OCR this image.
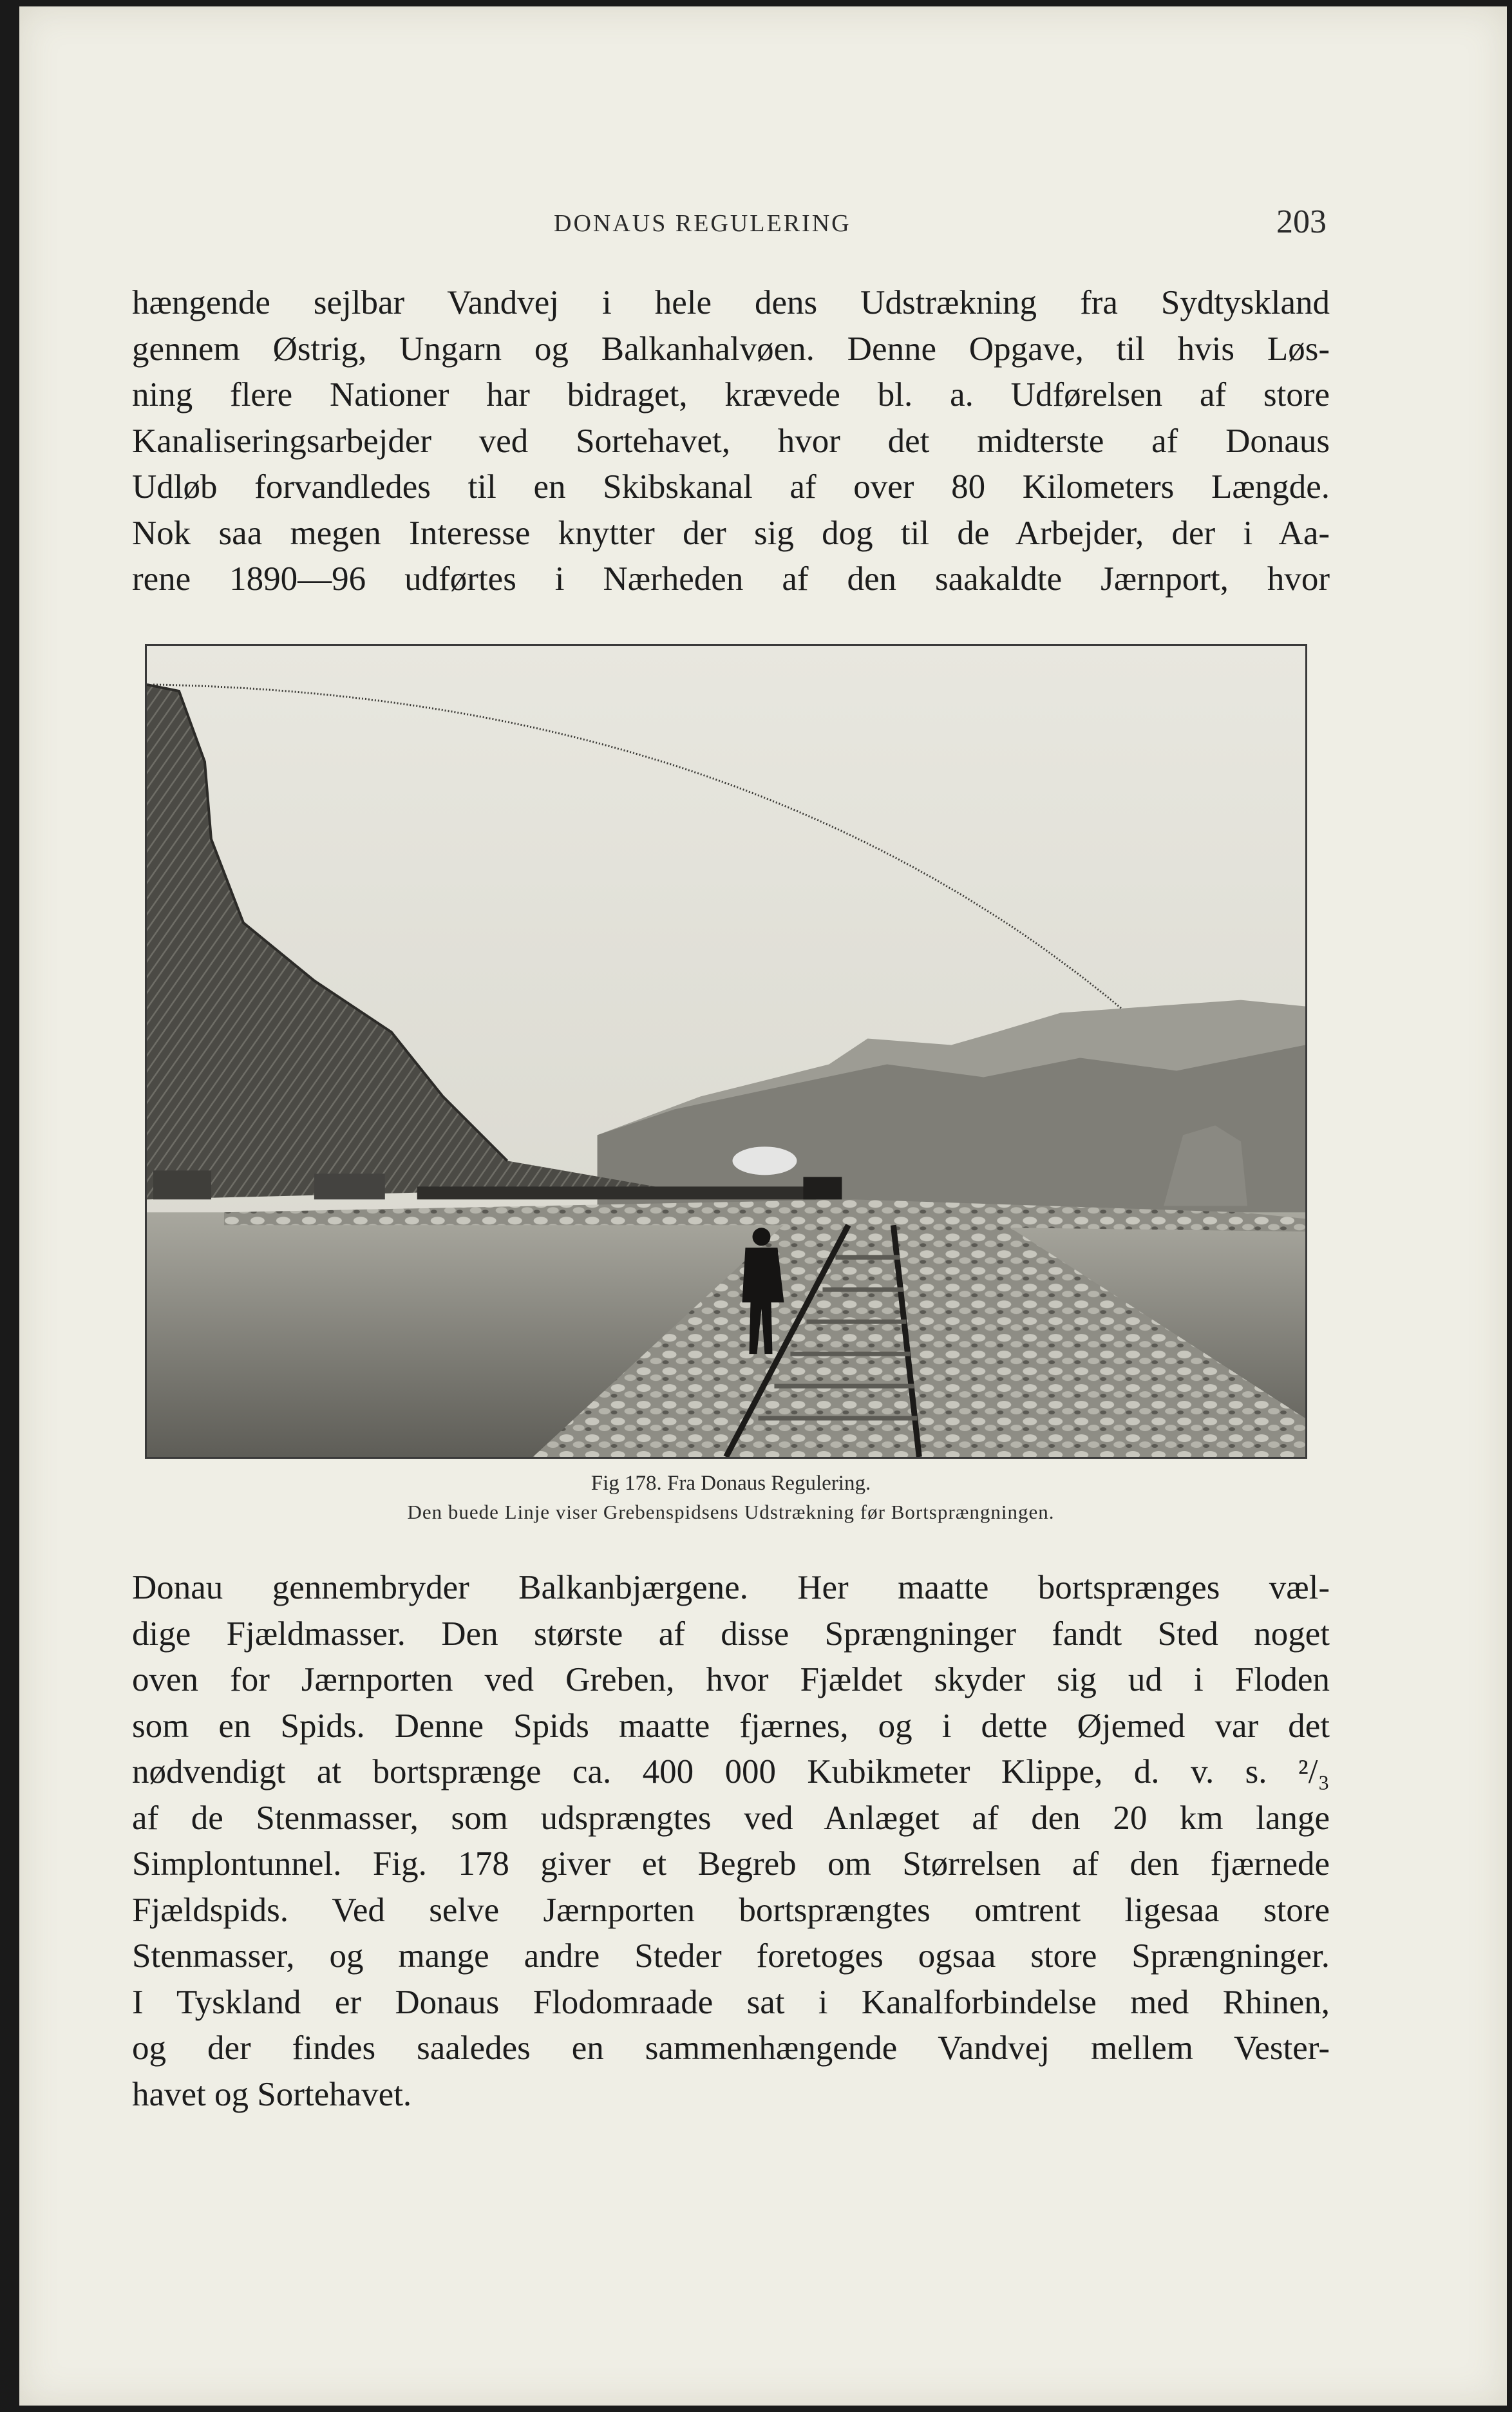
DONAUS REGULERING	203
hængende sejlbar Vandvej i hele dens Udstrækning fra Sydtyskland
gennem Østrig, Ungarn og Balkanhalvøen. Denne Opgave, til hvis Løs-
ning flere Nationer har bidraget, krævede bl. a. Udførelsen af store
Kanaliseringsarbejder ved Sortehavet, hvor det midterste af Donaus
Udløb forvandledes til en Skibskanal af over 80 Kilometers Længde.
Nok saa megen Interesse knytter der sig dog til de Arbejder, der i Aa-
rene 1890—96 udførtes i Nærheden af den saakaldte Jærnport, hvor
Fig 178. Fra Donaus Regulering.
Den buede Linje viser Grebenspidsens Udstrækning før Bortsprængningen.
Donau gennembryder Balkanbjærgene. Her maatte bortsprænges væl-
dige Fjældmasser. Den største af disse Sprængninger fandt Sted noget
oven for Jærnporten ved Greben, hvor Fjældet skyder sig ud i Floden
som en Spids. Denne Spids maatte fjærnes, og i dette Øjemed var det
nødvendigt at bortsprænge ca. 400 000 Kubikmeter Klippe, d. v. s. ²/₃
af de Stenmasser, som udsprængtes ved Anlæget af den 20 km lange
Simplontunnel. Fig. 178 giver et Begreb om Størrelsen af den fjærnede
Fjældspids. Ved selve Jærnporten bortsprængtes omtrent ligesaa store
Stenmasser, og mange andre Steder foretoges ogsaa store Sprængninger.
I Tyskland er Donaus Flodomraade sat i Kanalforbindelse med Rhinen,
og der findes saaledes en sammenhængende Vandvej mellem Vester-
havet og Sortehavet.
